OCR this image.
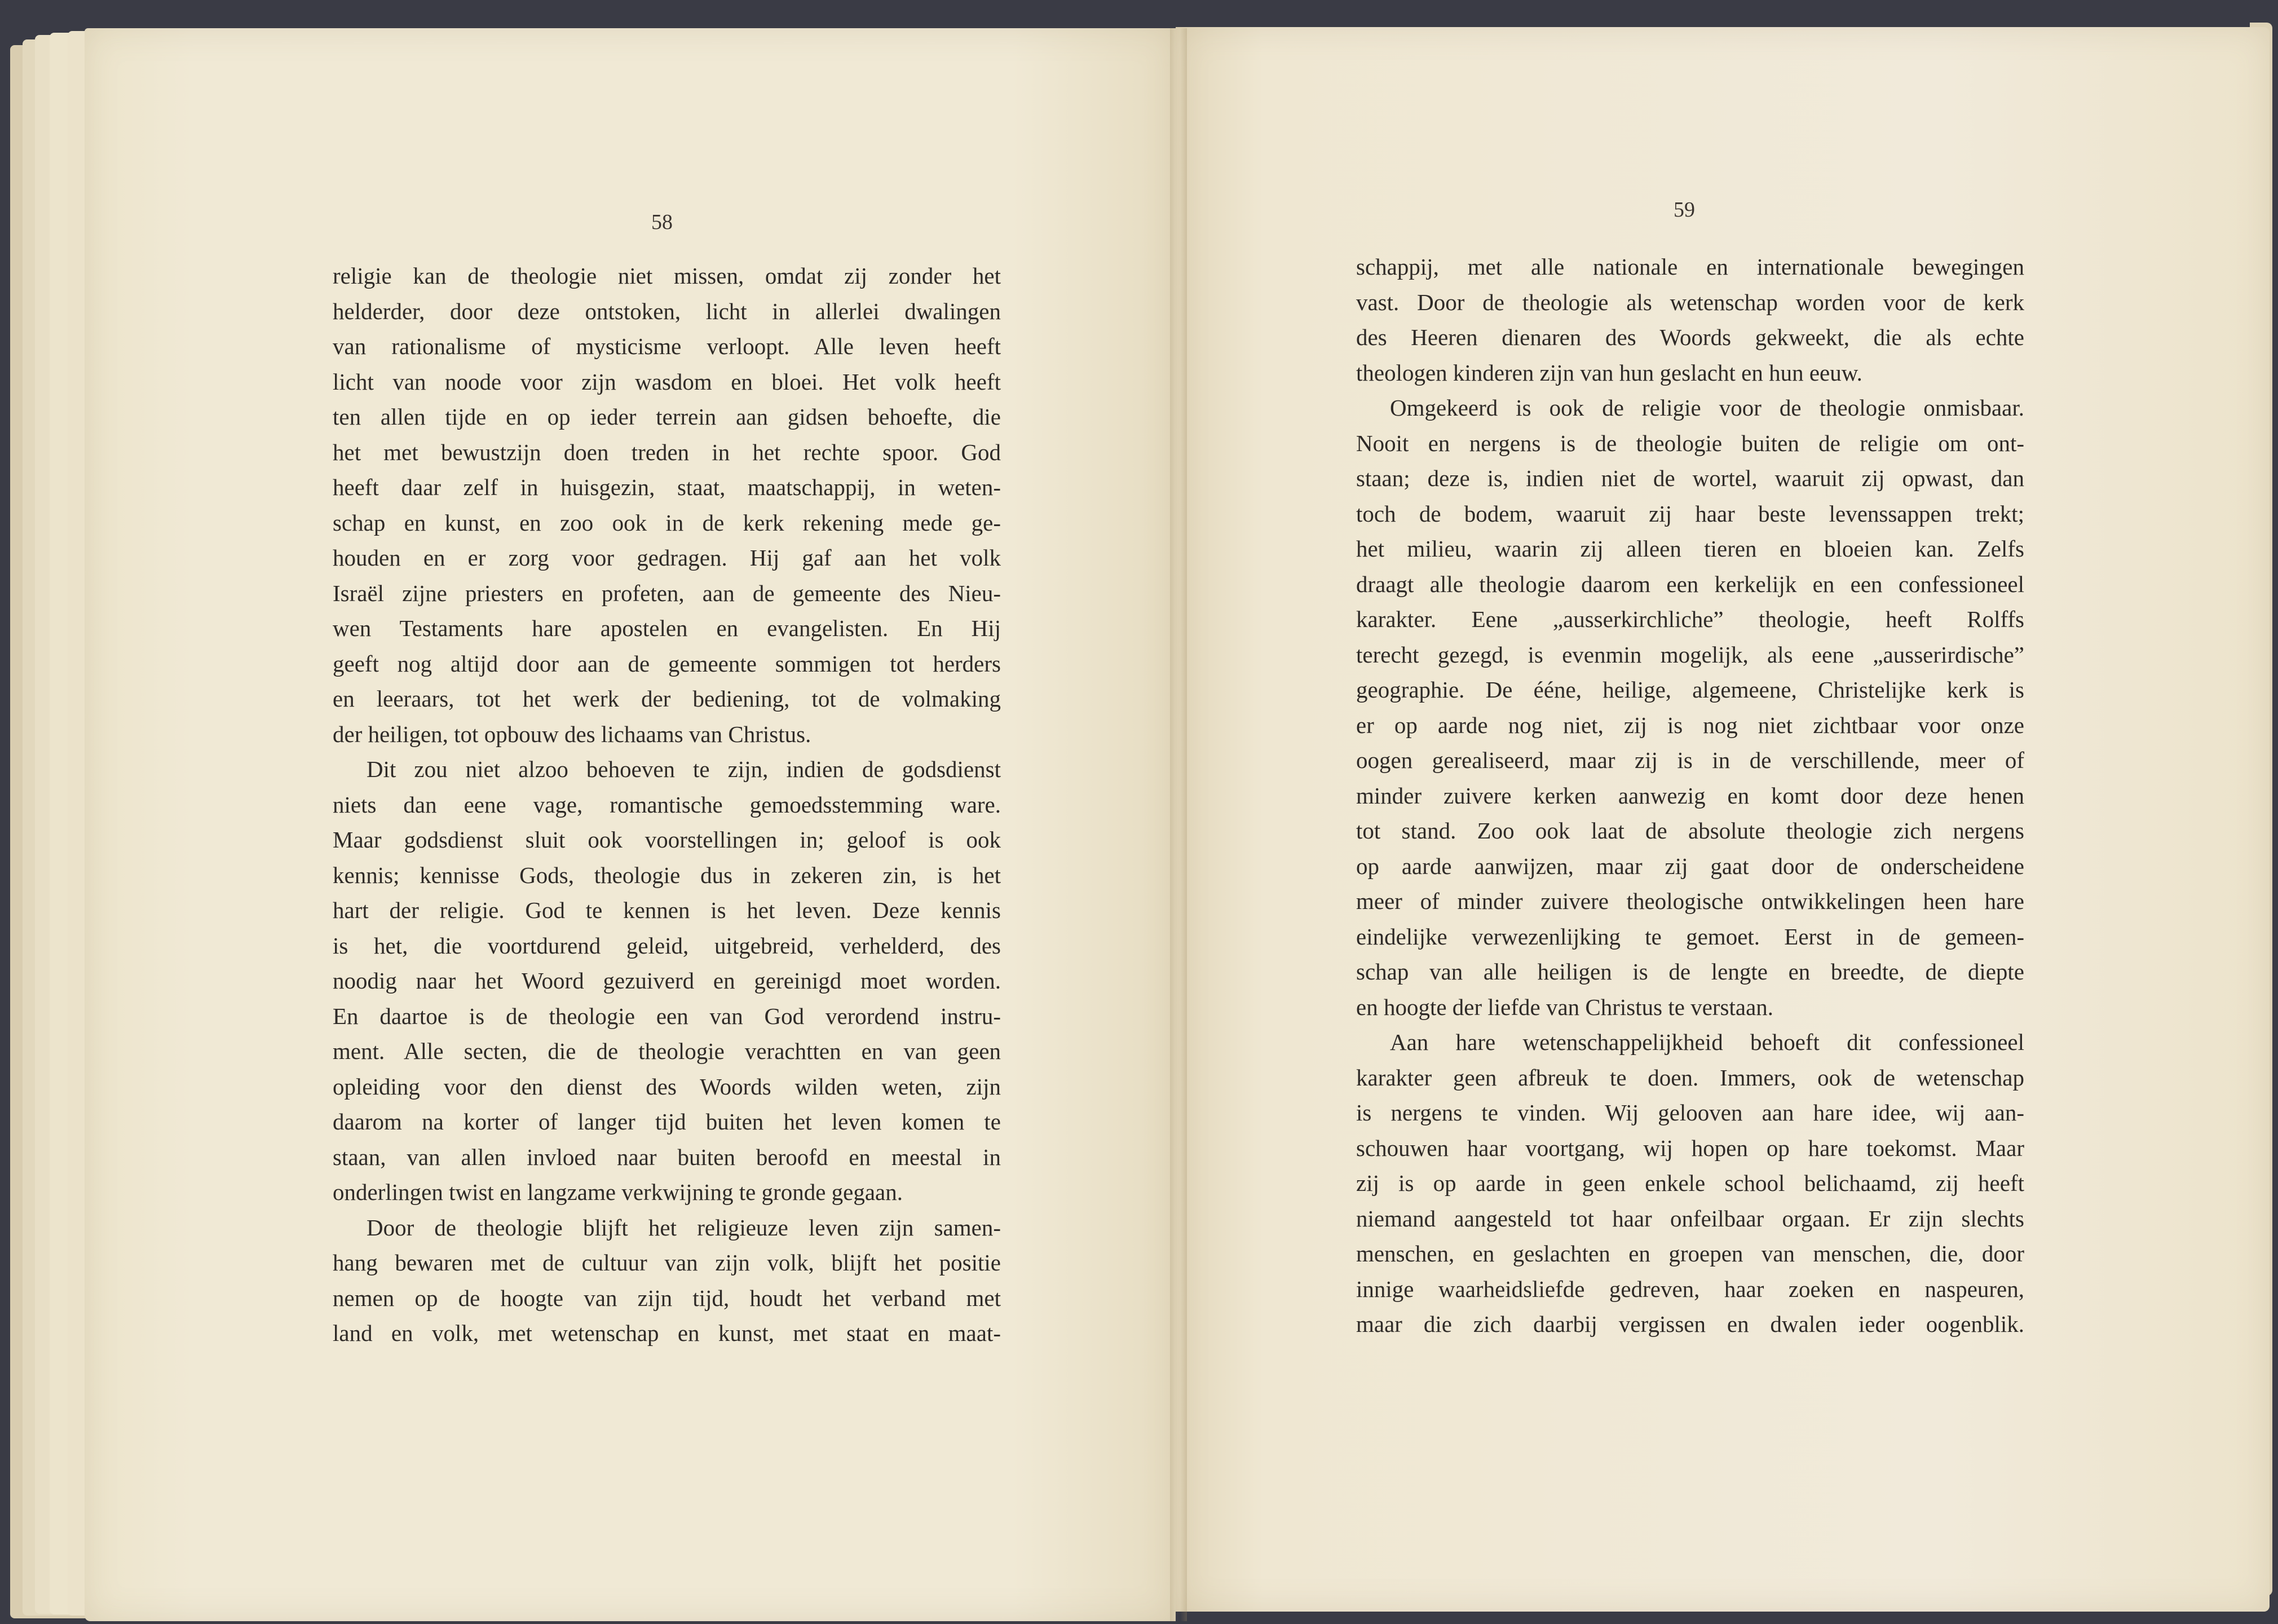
58
59
religie kan de theologie niet missen, omdat zij zonder het
helderder, door deze ontstoken, licht in allerlei dwalingen
van rationalisme of mysticisme verloopt. Alle leven heeft
licht van noode voor zijn wasdom en bloei. Het volk heeft
ten allen tijde en op ieder terrein aan gidsen behoefte, die
het met bewustzijn doen treden in het rechte spoor. God
heeft daar zelf in huisgezin, staat, maatschappij, in weten-
schap en kunst, en zoo ook in de kerk rekening mede ge-
houden en er zorg voor gedragen. Hij gaf aan het volk
Israël zijne priesters en profeten, aan de gemeente des Nieu-
wen Testaments hare apostelen en evangelisten. En Hij
geeft nog altijd door aan de gemeente sommigen tot herders
en leeraars, tot het werk der bediening, tot de volmaking
der heiligen, tot opbouw des lichaams van Christus.
Dit zou niet alzoo behoeven te zijn, indien de godsdienst
niets dan eene vage, romantische gemoedsstemming ware.
Maar godsdienst sluit ook voorstellingen in; geloof is ook
kennis; kennisse Gods, theologie dus in zekeren zin, is het
hart der religie. God te kennen is het leven. Deze kennis
is het, die voortdurend geleid, uitgebreid, verhelderd, des
noodig naar het Woord gezuiverd en gereinigd moet worden.
En daartoe is de theologie een van God verordend instru-
ment. Alle secten, die de theologie verachtten en van geen
opleiding voor den dienst des Woords wilden weten, zijn
daarom na korter of langer tijd buiten het leven komen te
staan, van allen invloed naar buiten beroofd en meestal in
onderlingen twist en langzame verkwijning te gronde gegaan.
Door de theologie blijft het religieuze leven zijn samen-
hang bewaren met de cultuur van zijn volk, blijft het positie
nemen op de hoogte van zijn tijd, houdt het verband met
land en volk, met wetenschap en kunst, met staat en maat-
schappij, met alle nationale en internationale bewegingen
vast. Door de theologie als wetenschap worden voor de kerk
des Heeren dienaren des Woords gekweekt, die als echte
theologen kinderen zijn van hun geslacht en hun eeuw.
Omgekeerd is ook de religie voor de theologie onmisbaar.
Nooit en nergens is de theologie buiten de religie om ont-
staan; deze is, indien niet de wortel, waaruit zij opwast, dan
toch de bodem, waaruit zij haar beste levenssappen trekt;
het milieu, waarin zij alleen tieren en bloeien kan. Zelfs
draagt alle theologie daarom een kerkelijk en een confessioneel
karakter. Eene „ausserkirchliche” theologie, heeft Rolffs
terecht gezegd, is evenmin mogelijk, als eene „ausserirdische”
geographie. De ééne, heilige, algemeene, Christelijke kerk is
er op aarde nog niet, zij is nog niet zichtbaar voor onze
oogen gerealiseerd, maar zij is in de verschillende, meer of
minder zuivere kerken aanwezig en komt door deze henen
tot stand. Zoo ook laat de absolute theologie zich nergens
op aarde aanwijzen, maar zij gaat door de onderscheidene
meer of minder zuivere theologische ontwikkelingen heen hare
eindelijke verwezenlijking te gemoet. Eerst in de gemeen-
schap van alle heiligen is de lengte en breedte, de diepte
en hoogte der liefde van Christus te verstaan.
Aan hare wetenschappelijkheid behoeft dit confessioneel
karakter geen afbreuk te doen. Immers, ook de wetenschap
is nergens te vinden. Wij gelooven aan hare idee, wij aan-
schouwen haar voortgang, wij hopen op hare toekomst. Maar
zij is op aarde in geen enkele school belichaamd, zij heeft
niemand aangesteld tot haar onfeilbaar orgaan. Er zijn slechts
menschen, en geslachten en groepen van menschen, die, door
innige waarheidsliefde gedreven, haar zoeken en naspeuren,
maar die zich daarbij vergissen en dwalen ieder oogenblik.
